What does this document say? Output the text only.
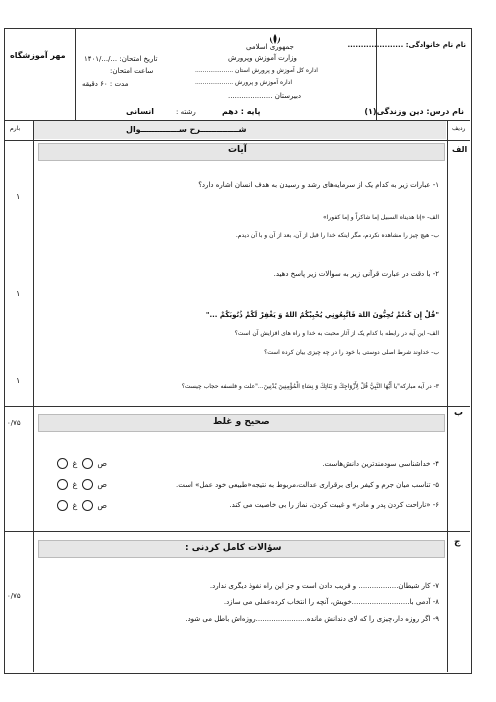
نام نام خانوادگی: .....................
جمهوری اسلامی
وزارت آموزش وپرورش
اداره کل آموزش و پرورش استان ....................
اداره آموزش و پرورش ....................
دبیرستان ....................
تاریخ امتحان: .../.../۱۴۰۱
ساعت امتحان:
مدت : ۶۰ دقیقه
مهر آموزشگاه
نام درس: دین وزندگی(۱)
پایه : دهم
رشته :
انسانی
ردیف
شــــــــــــــرح ســــــــــــــوال
بارم
الف
آیات
۱- عبارات زیر به کدام یک از سرمایه‌های رشد و رسیدن به هدف انسان اشاره دارد؟
الف- «إنا هدیناه السبیل إما شاکراً و إما کفورا»
ب- هیچ چیز را مشاهده نکردم، مگر اینکه خدا را قبل از آن، بعد از آن و با آن دیدم.
۲- با دقت در عبارت قرآنی زیر به سوالات زیر پاسخ دهید.
"قُلْ إِن کُنتُمْ تُحِبُّونَ اللهَ فَاتَّبِعُونِي يُحْبِبْكُمُ اللهُ وَ يَغْفِرْ لَكُمْ ذُنُوبَكُمْ ..."
الف- این آیه در رابطه با کدام یک از آثار محبت به خدا و راه های افزایش آن است؟
ب- خداوند شرط اصلی دوستی با خود را در چه چیزی بیان کرده است؟
۳- در آیه مبارکه"یا أَيُّهَا النَّبِيُّ قُلْ لِأَزْوَاجِكَ وَ بَنَاتِكَ وَ نِسَاءِ الْمُؤْمِنِينَ يُدْنِينَ..."علت و فلسفه حجاب چیست؟
۱
۱
۱
ب
صحیح و غلط
۰/۷۵
۴- خداشناسی سودمندترین دانش‌هاست.
۵- تناسب میان جرم و کیفر برای برقراری عدالت،مربوط به نتیجه«طبیعی خود عمل» است.
۶- «ناراحت کردن پدر و مادر» و غیبت کردن، نماز را بی خاصیت می کند.
ص  غ
ص  غ
ص  غ
ج
سؤالات کامل کردنی :
۰/۷۵
۷- کار شیطان.................. و فریب دادن است و جز این راه نفوذ دیگری ندارد.
۸- آدمی با..........................خویش، آنچه را انتخاب کرده‌عملی می سازد.
۹- اگر روزه دار،چیزی را که لای دندانش مانده.......................روزه‌اش باطل می شود.
